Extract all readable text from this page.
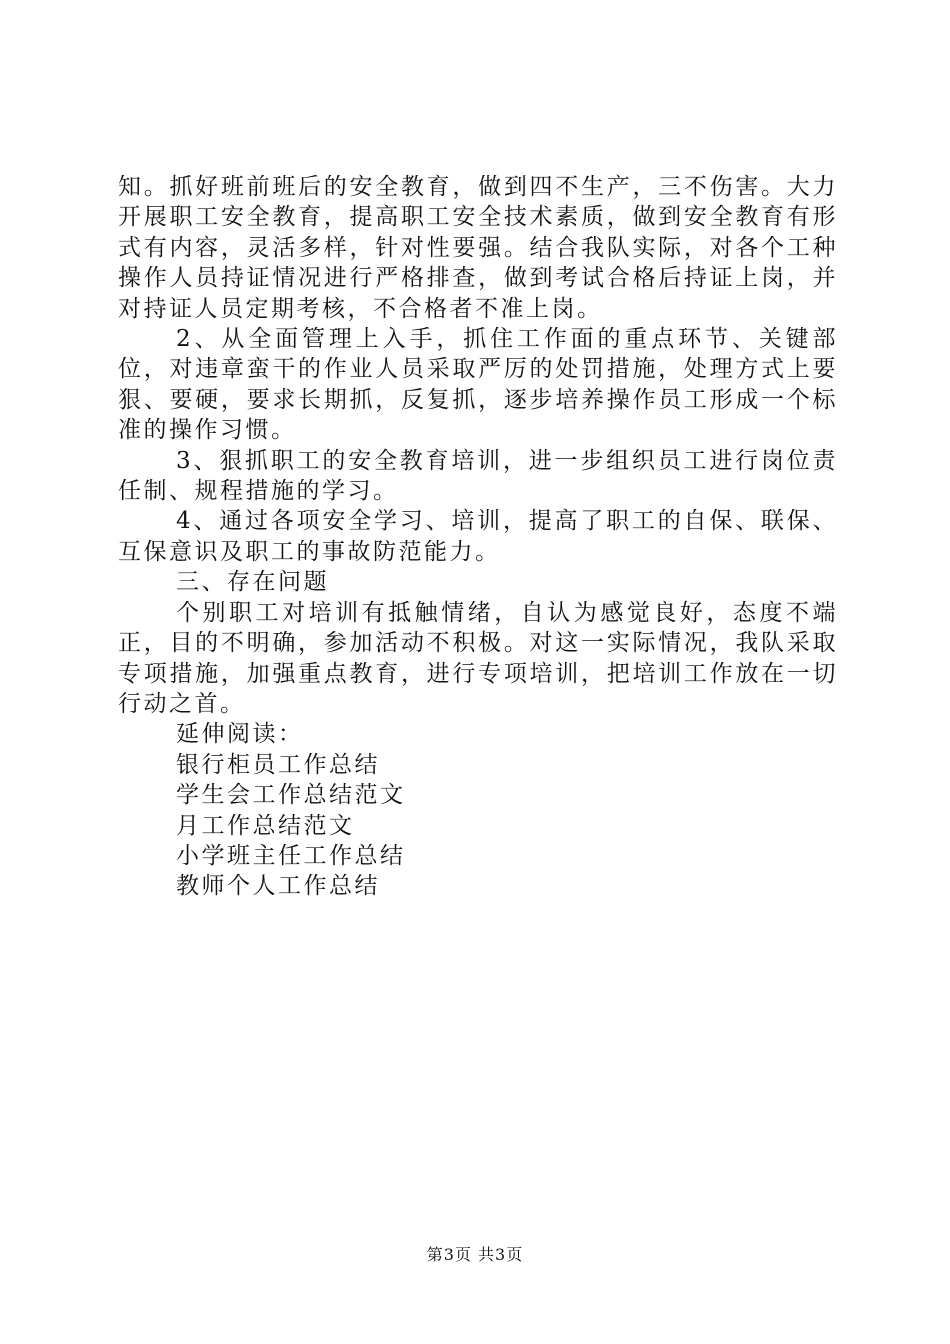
知。抓好班前班后的安全教育，做到四不生产，三不伤害。大力开展职工安全教育，提高职工安全技术素质，做到安全教育有形式有内容，灵活多样，针对性要强。结合我队实际，对各个工种操作人员持证情况进行严格排查，做到考试合格后持证上岗，并对持证人员定期考核，不合格者不准上岗。

2、从全面管理上入手，抓住工作面的重点环节、关键部位，对违章蛮干的作业人员采取严厉的处罚措施，处理方式上要狠、要硬，要求长期抓，反复抓，逐步培养操作员工形成一个标准的操作习惯。

3、狠抓职工的安全教育培训，进一步组织员工进行岗位责任制、规程措施的学习。

4、通过各项安全学习、培训，提高了职工的自保、联保、互保意识及职工的事故防范能力。

三、存在问题

个别职工对培训有抵触情绪，自认为感觉良好，态度不端正，目的不明确，参加活动不积极。对这一实际情况，我队采取专项措施，加强重点教育，进行专项培训，把培训工作放在一切行动之首。

延伸阅读：

银行柜员工作总结

学生会工作总结范文

月工作总结范文

小学班主任工作总结

教师个人工作总结

第3页 共3页
